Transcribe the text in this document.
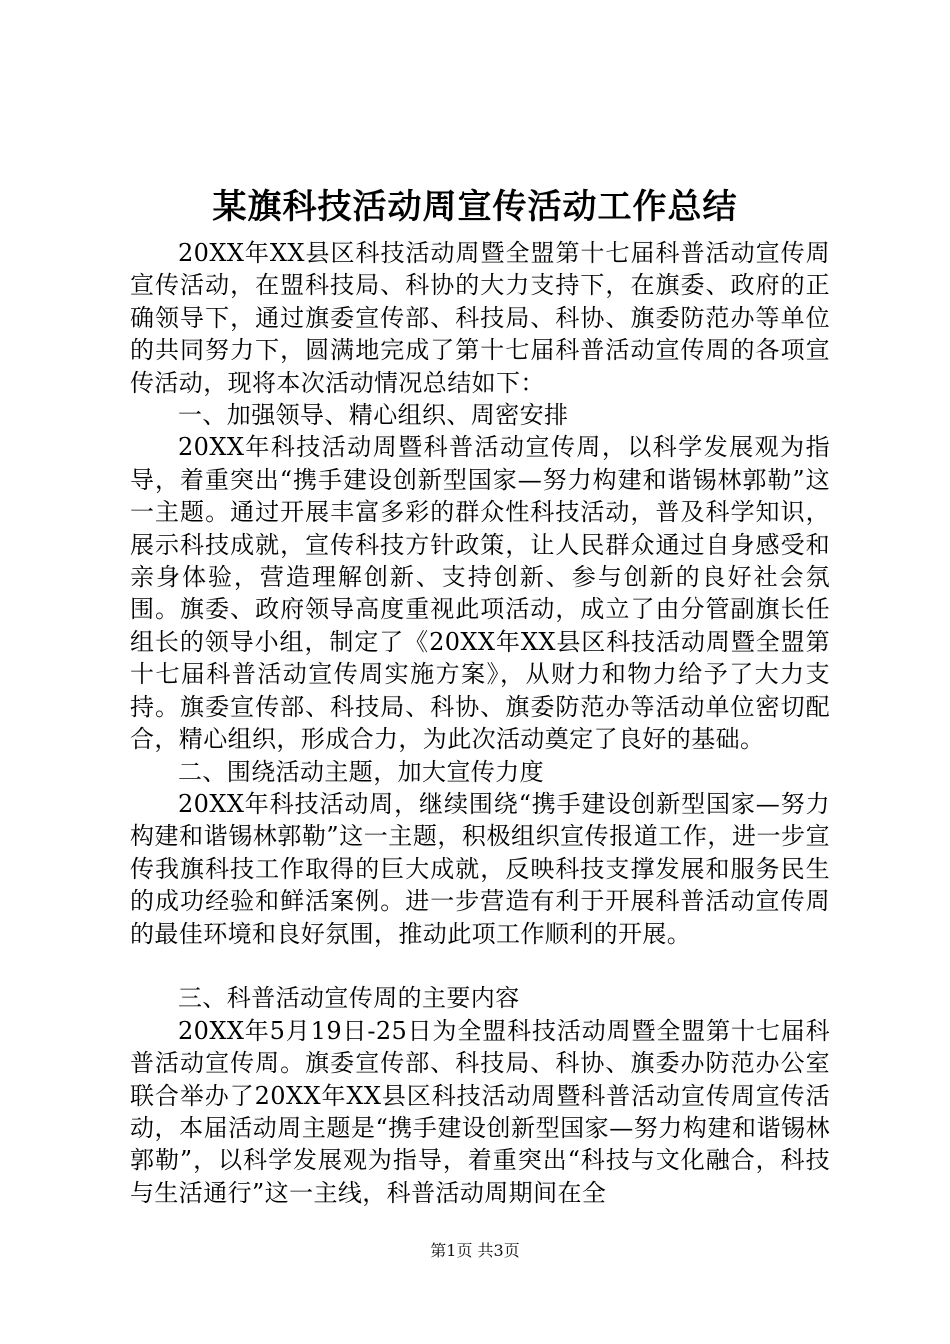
某旗科技活动周宣传活动工作总结

20XX年XX县区科技活动周暨全盟第十七届科普活动宣传周宣传活动，在盟科技局、科协的大力支持下，在旗委、政府的正确领导下，通过旗委宣传部、科技局、科协、旗委防范办等单位的共同努力下，圆满地完成了第十七届科普活动宣传周的各项宣传活动，现将本次活动情况总结如下：

一、加强领导、精心组织、周密安排

20XX年科技活动周暨科普活动宣传周，以科学发展观为指导，着重突出“携手建设创新型国家—努力构建和谐锡林郭勒”这一主题。通过开展丰富多彩的群众性科技活动，普及科学知识，展示科技成就，宣传科技方针政策，让人民群众通过自身感受和亲身体验，营造理解创新、支持创新、参与创新的良好社会氛围。旗委、政府领导高度重视此项活动，成立了由分管副旗长任组长的领导小组，制定了《20XX年XX县区科技活动周暨全盟第十七届科普活动宣传周实施方案》，从财力和物力给予了大力支持。旗委宣传部、科技局、科协、旗委防范办等活动单位密切配合，精心组织，形成合力，为此次活动奠定了良好的基础。

二、围绕活动主题，加大宣传力度

20XX年科技活动周，继续围绕“携手建设创新型国家—努力构建和谐锡林郭勒”这一主题，积极组织宣传报道工作，进一步宣传我旗科技工作取得的巨大成就，反映科技支撑发展和服务民生的成功经验和鲜活案例。进一步营造有利于开展科普活动宣传周的最佳环境和良好氛围，推动此项工作顺利的开展。

三、科普活动宣传周的主要内容

20XX年5月19日-25日为全盟科技活动周暨全盟第十七届科普活动宣传周。旗委宣传部、科技局、科协、旗委办防范办公室联合举办了20XX年XX县区科技活动周暨科普活动宣传周宣传活动，本届活动周主题是“携手建设创新型国家—努力构建和谐锡林郭勒”，以科学发展观为指导，着重突出“科技与文化融合，科技与生活通行”这一主线，科普活动周期间在全

第1页 共3页
